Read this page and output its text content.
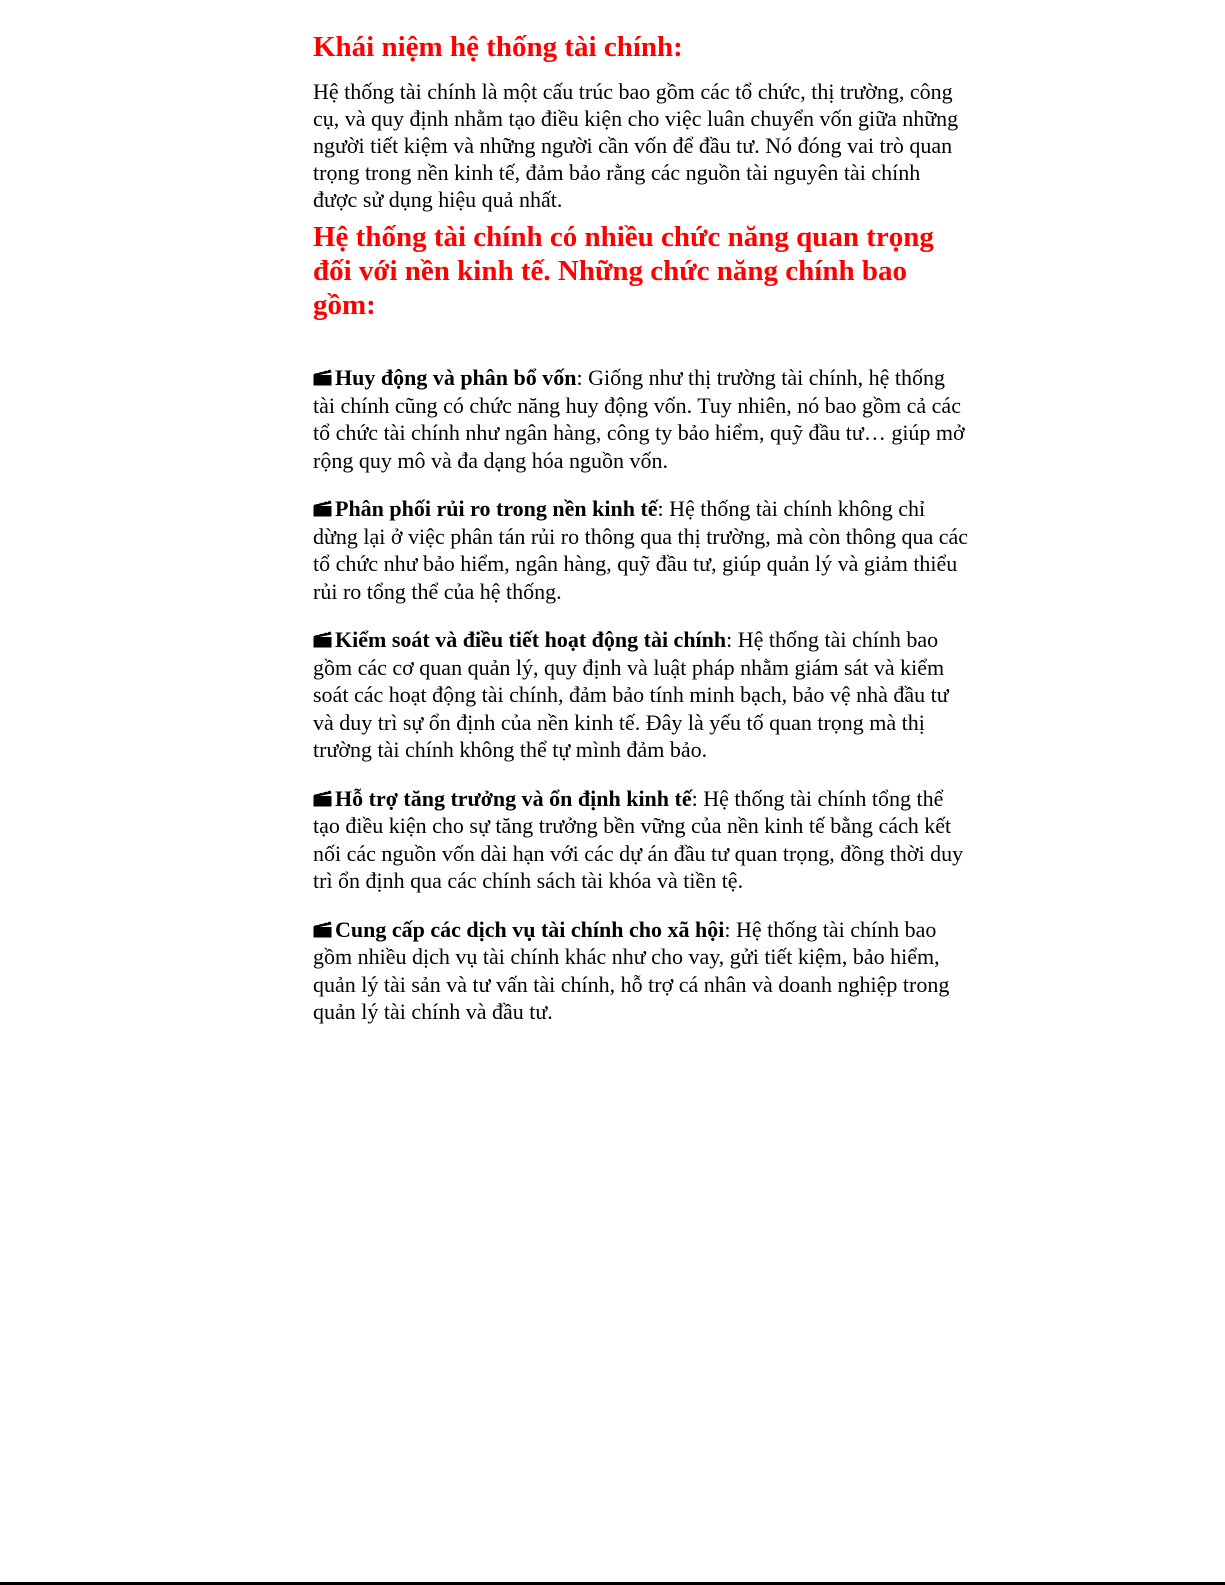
Khái niệm hệ thống tài chính:

Hệ thống tài chính là một cấu trúc bao gồm các tổ chức, thị trường, công cụ, và quy định nhằm tạo điều kiện cho việc luân chuyển vốn giữa những người tiết kiệm và những người cần vốn để đầu tư. Nó đóng vai trò quan trọng trong nền kinh tế, đảm bảo rằng các nguồn tài nguyên tài chính được sử dụng hiệu quả nhất.

Hệ thống tài chính có nhiều chức năng quan trọng đối với nền kinh tế. Những chức năng chính bao gồm:

Huy động và phân bổ vốn: Giống như thị trường tài chính, hệ thống tài chính cũng có chức năng huy động vốn. Tuy nhiên, nó bao gồm cả các tổ chức tài chính như ngân hàng, công ty bảo hiểm, quỹ đầu tư… giúp mở rộng quy mô và đa dạng hóa nguồn vốn.

Phân phối rủi ro trong nền kinh tế: Hệ thống tài chính không chỉ dừng lại ở việc phân tán rủi ro thông qua thị trường, mà còn thông qua các tổ chức như bảo hiểm, ngân hàng, quỹ đầu tư, giúp quản lý và giảm thiểu rủi ro tổng thể của hệ thống.

Kiểm soát và điều tiết hoạt động tài chính: Hệ thống tài chính bao gồm các cơ quan quản lý, quy định và luật pháp nhằm giám sát và kiểm soát các hoạt động tài chính, đảm bảo tính minh bạch, bảo vệ nhà đầu tư và duy trì sự ổn định của nền kinh tế. Đây là yếu tố quan trọng mà thị trường tài chính không thể tự mình đảm bảo.

Hỗ trợ tăng trưởng và ổn định kinh tế: Hệ thống tài chính tổng thể tạo điều kiện cho sự tăng trưởng bền vững của nền kinh tế bằng cách kết nối các nguồn vốn dài hạn với các dự án đầu tư quan trọng, đồng thời duy trì ổn định qua các chính sách tài khóa và tiền tệ.

Cung cấp các dịch vụ tài chính cho xã hội: Hệ thống tài chính bao gồm nhiều dịch vụ tài chính khác như cho vay, gửi tiết kiệm, bảo hiểm, quản lý tài sản và tư vấn tài chính, hỗ trợ cá nhân và doanh nghiệp trong quản lý tài chính và đầu tư.
